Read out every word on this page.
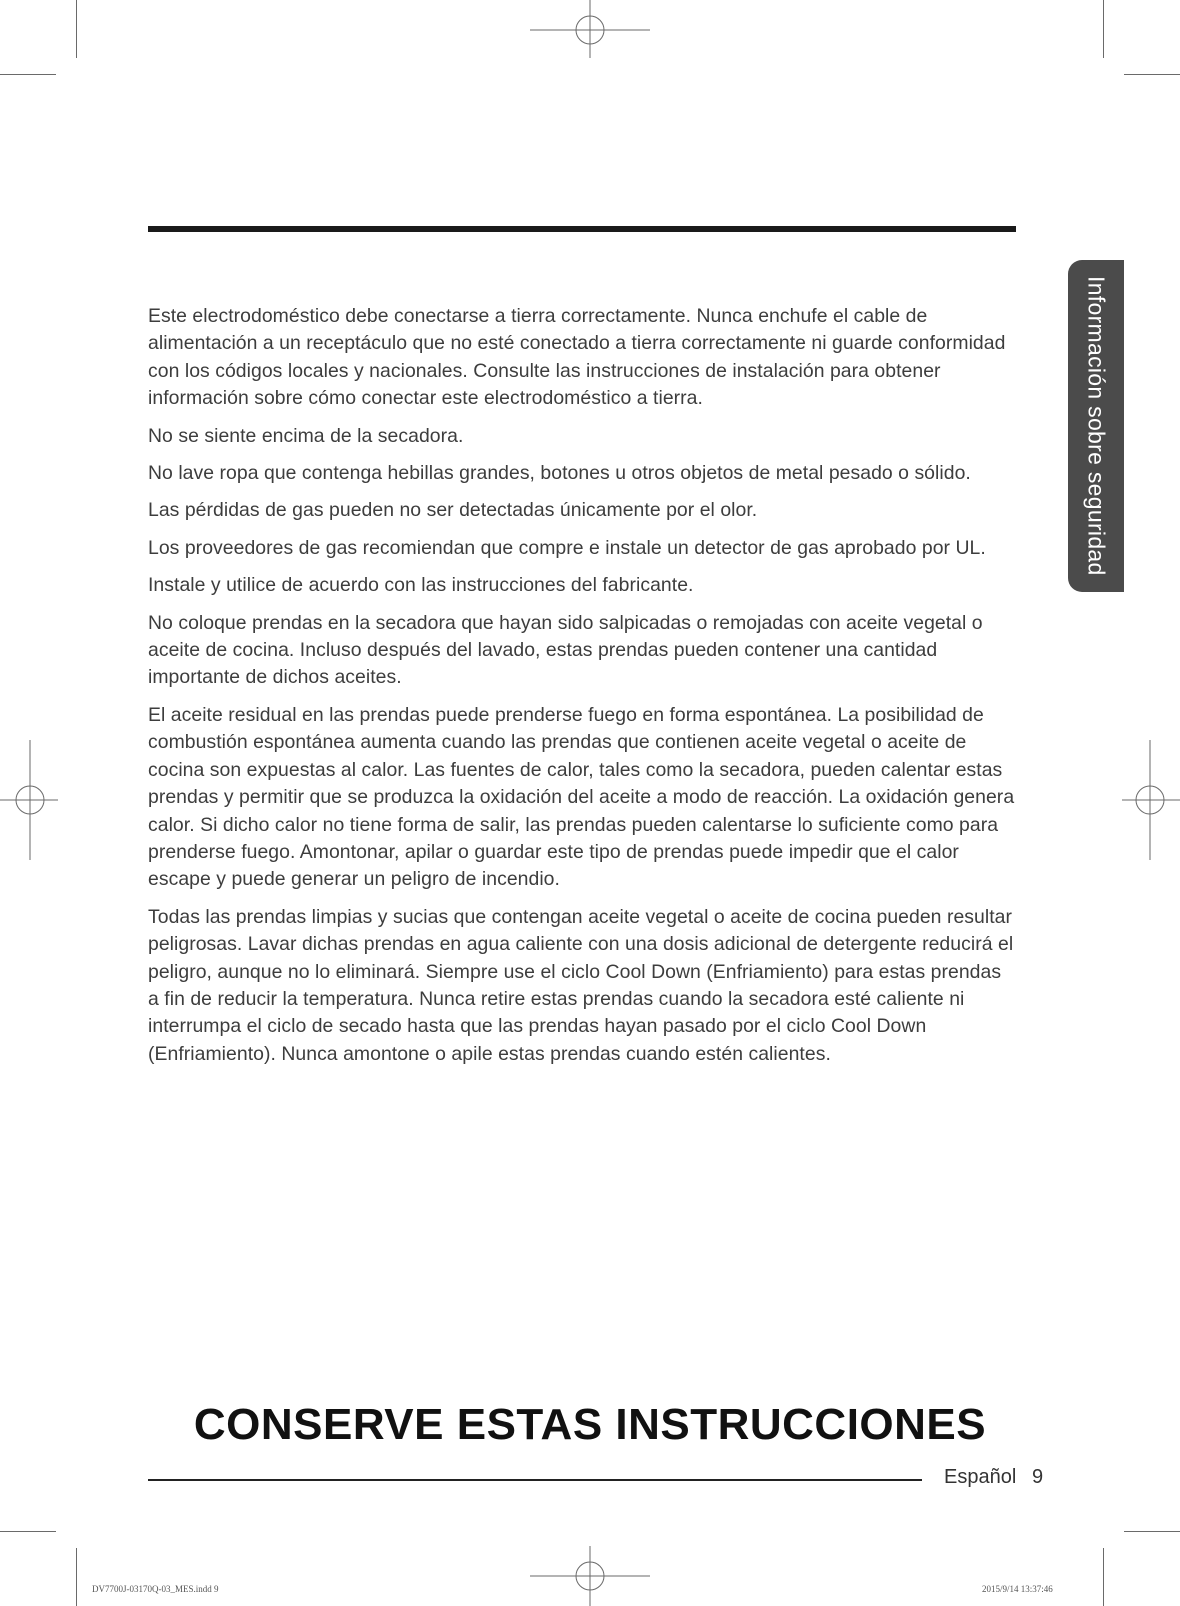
Información sobre seguridad

Este electrodoméstico debe conectarse a tierra correctamente. Nunca enchufe el cable de alimentación a un receptáculo que no esté conectado a tierra correctamente ni guarde conformidad con los códigos locales y nacionales. Consulte las instrucciones de instalación para obtener información sobre cómo conectar este electrodoméstico a tierra.

No se siente encima de la secadora.

No lave ropa que contenga hebillas grandes, botones u otros objetos de metal pesado o sólido.

Las pérdidas de gas pueden no ser detectadas únicamente por el olor.

Los proveedores de gas recomiendan que compre e instale un detector de gas aprobado por UL.

Instale y utilice de acuerdo con las instrucciones del fabricante.

No coloque prendas en la secadora que hayan sido salpicadas o remojadas con aceite vegetal o aceite de cocina. Incluso después del lavado, estas prendas pueden contener una cantidad importante de dichos aceites.

El aceite residual en las prendas puede prenderse fuego en forma espontánea. La posibilidad de combustión espontánea aumenta cuando las prendas que contienen aceite vegetal o aceite de cocina son expuestas al calor. Las fuentes de calor, tales como la secadora, pueden calentar estas prendas y permitir que se produzca la oxidación del aceite a modo de reacción. La oxidación genera calor. Si dicho calor no tiene forma de salir, las prendas pueden calentarse lo suficiente como para prenderse fuego. Amontonar, apilar o guardar este tipo de prendas puede impedir que el calor escape y puede generar un peligro de incendio.

Todas las prendas limpias y sucias que contengan aceite vegetal o aceite de cocina pueden resultar peligrosas. Lavar dichas prendas en agua caliente con una dosis adicional de detergente reducirá el peligro, aunque no lo eliminará. Siempre use el ciclo Cool Down (Enfriamiento) para estas prendas a fin de reducir la temperatura. Nunca retire estas prendas cuando la secadora esté caliente ni interrumpa el ciclo de secado hasta que las prendas hayan pasado por el ciclo Cool Down (Enfriamiento). Nunca amontone o apile estas prendas cuando estén calientes.

CONSERVE ESTAS INSTRUCCIONES
Español 9
DV7700J-03170Q-03_MES.indd 9	2015/9/14 13:37:46
